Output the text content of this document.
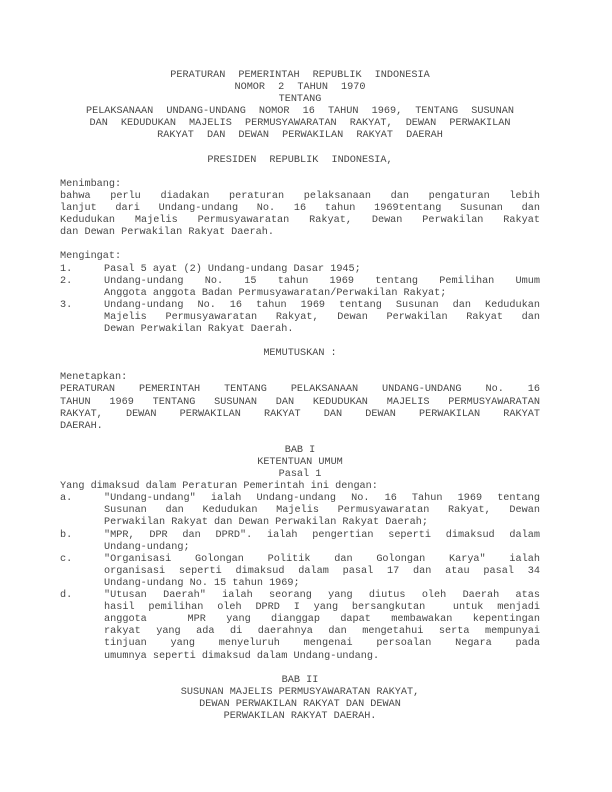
PERATURAN PEMERINTAH REPUBLIK INDONESIA
NOMOR 2 TAHUN 1970
TENTANG
PELAKSANAAN UNDANG-UNDANG NOMOR 16 TAHUN 1969, TENTANG SUSUNAN
DAN KEDUDUKAN MAJELIS PERMUSYAWARATAN RAKYAT, DEWAN PERWAKILAN
RAKYAT DAN DEWAN PERWAKILAN RAKYAT DAERAH
PRESIDEN REPUBLIK INDONESIA,
Menimbang:
bahwa perlu diadakan peraturan pelaksanaan dan pengaturan lebih
lanjut dari Undang-undang No. 16 tahun 1969tentang Susunan dan
Kedudukan Majelis Permusyawaratan Rakyat, Dewan Perwakilan Rakyat
dan Dewan Perwakilan Rakyat Daerah.
Mengingat:
1.	Pasal 5 ayat (2) Undang-undang Dasar 1945;
2.	Undang-undang No. 15 tahun 1969 tentang Pemilihan Umum
Anggota anggota Badan Permusyawaratan/Perwakilan Rakyat;
3.	Undang-undang No. 16 tahun 1969 tentang Susunan dan Kedudukan
Majelis Permusyawaratan Rakyat, Dewan Perwakilan Rakyat dan
Dewan Perwakilan Rakyat Daerah.
MEMUTUSKAN :
Menetapkan:
PERATURAN PEMERINTAH TENTANG PELAKSANAAN UNDANG-UNDANG No. 16
TAHUN 1969 TENTANG SUSUNAN DAN KEDUDUKAN MAJELIS PERMUSYAWARATAN
RAKYAT, DEWAN PERWAKILAN RAKYAT DAN DEWAN PERWAKILAN RAKYAT
DAERAH.
BAB I
KETENTUAN UMUM
Pasal 1
Yang dimaksud dalam Peraturan Pemerintah ini dengan:
a.	"Undang-undang" ialah Undang-undang No. 16 Tahun 1969 tentang
Susunan dan Kedudukan Majelis Permusyawaratan Rakyat, Dewan
Perwakilan Rakyat dan Dewan Perwakilan Rakyat Daerah;
b.	"MPR, DPR dan DPRD". ialah pengertian seperti dimaksud dalam
Undang-undang;
c.	"Organisasi Golongan Politik dan Golongan Karya" ialah
organisasi seperti dimaksud dalam pasal 17 dan atau pasal 34
Undang-undang No. 15 tahun 1969;
d.	"Utusan Daerah" ialah seorang yang diutus oleh Daerah atas
hasil pemilihan oleh DPRD I yang bersangkutan  untuk menjadi
anggota  MPR yang dianggap dapat membawakan kepentingan
rakyat yang ada di daerahnya dan mengetahui serta mempunyai
tinjuan yang menyeluruh mengenai persoalan Negara pada
umumnya seperti dimaksud dalam Undang-undang.
BAB II
SUSUNAN MAJELIS PERMUSYAWARATAN RAKYAT,
DEWAN PERWAKILAN RAKYAT DAN DEWAN
PERWAKILAN RAKYAT DAERAH.
